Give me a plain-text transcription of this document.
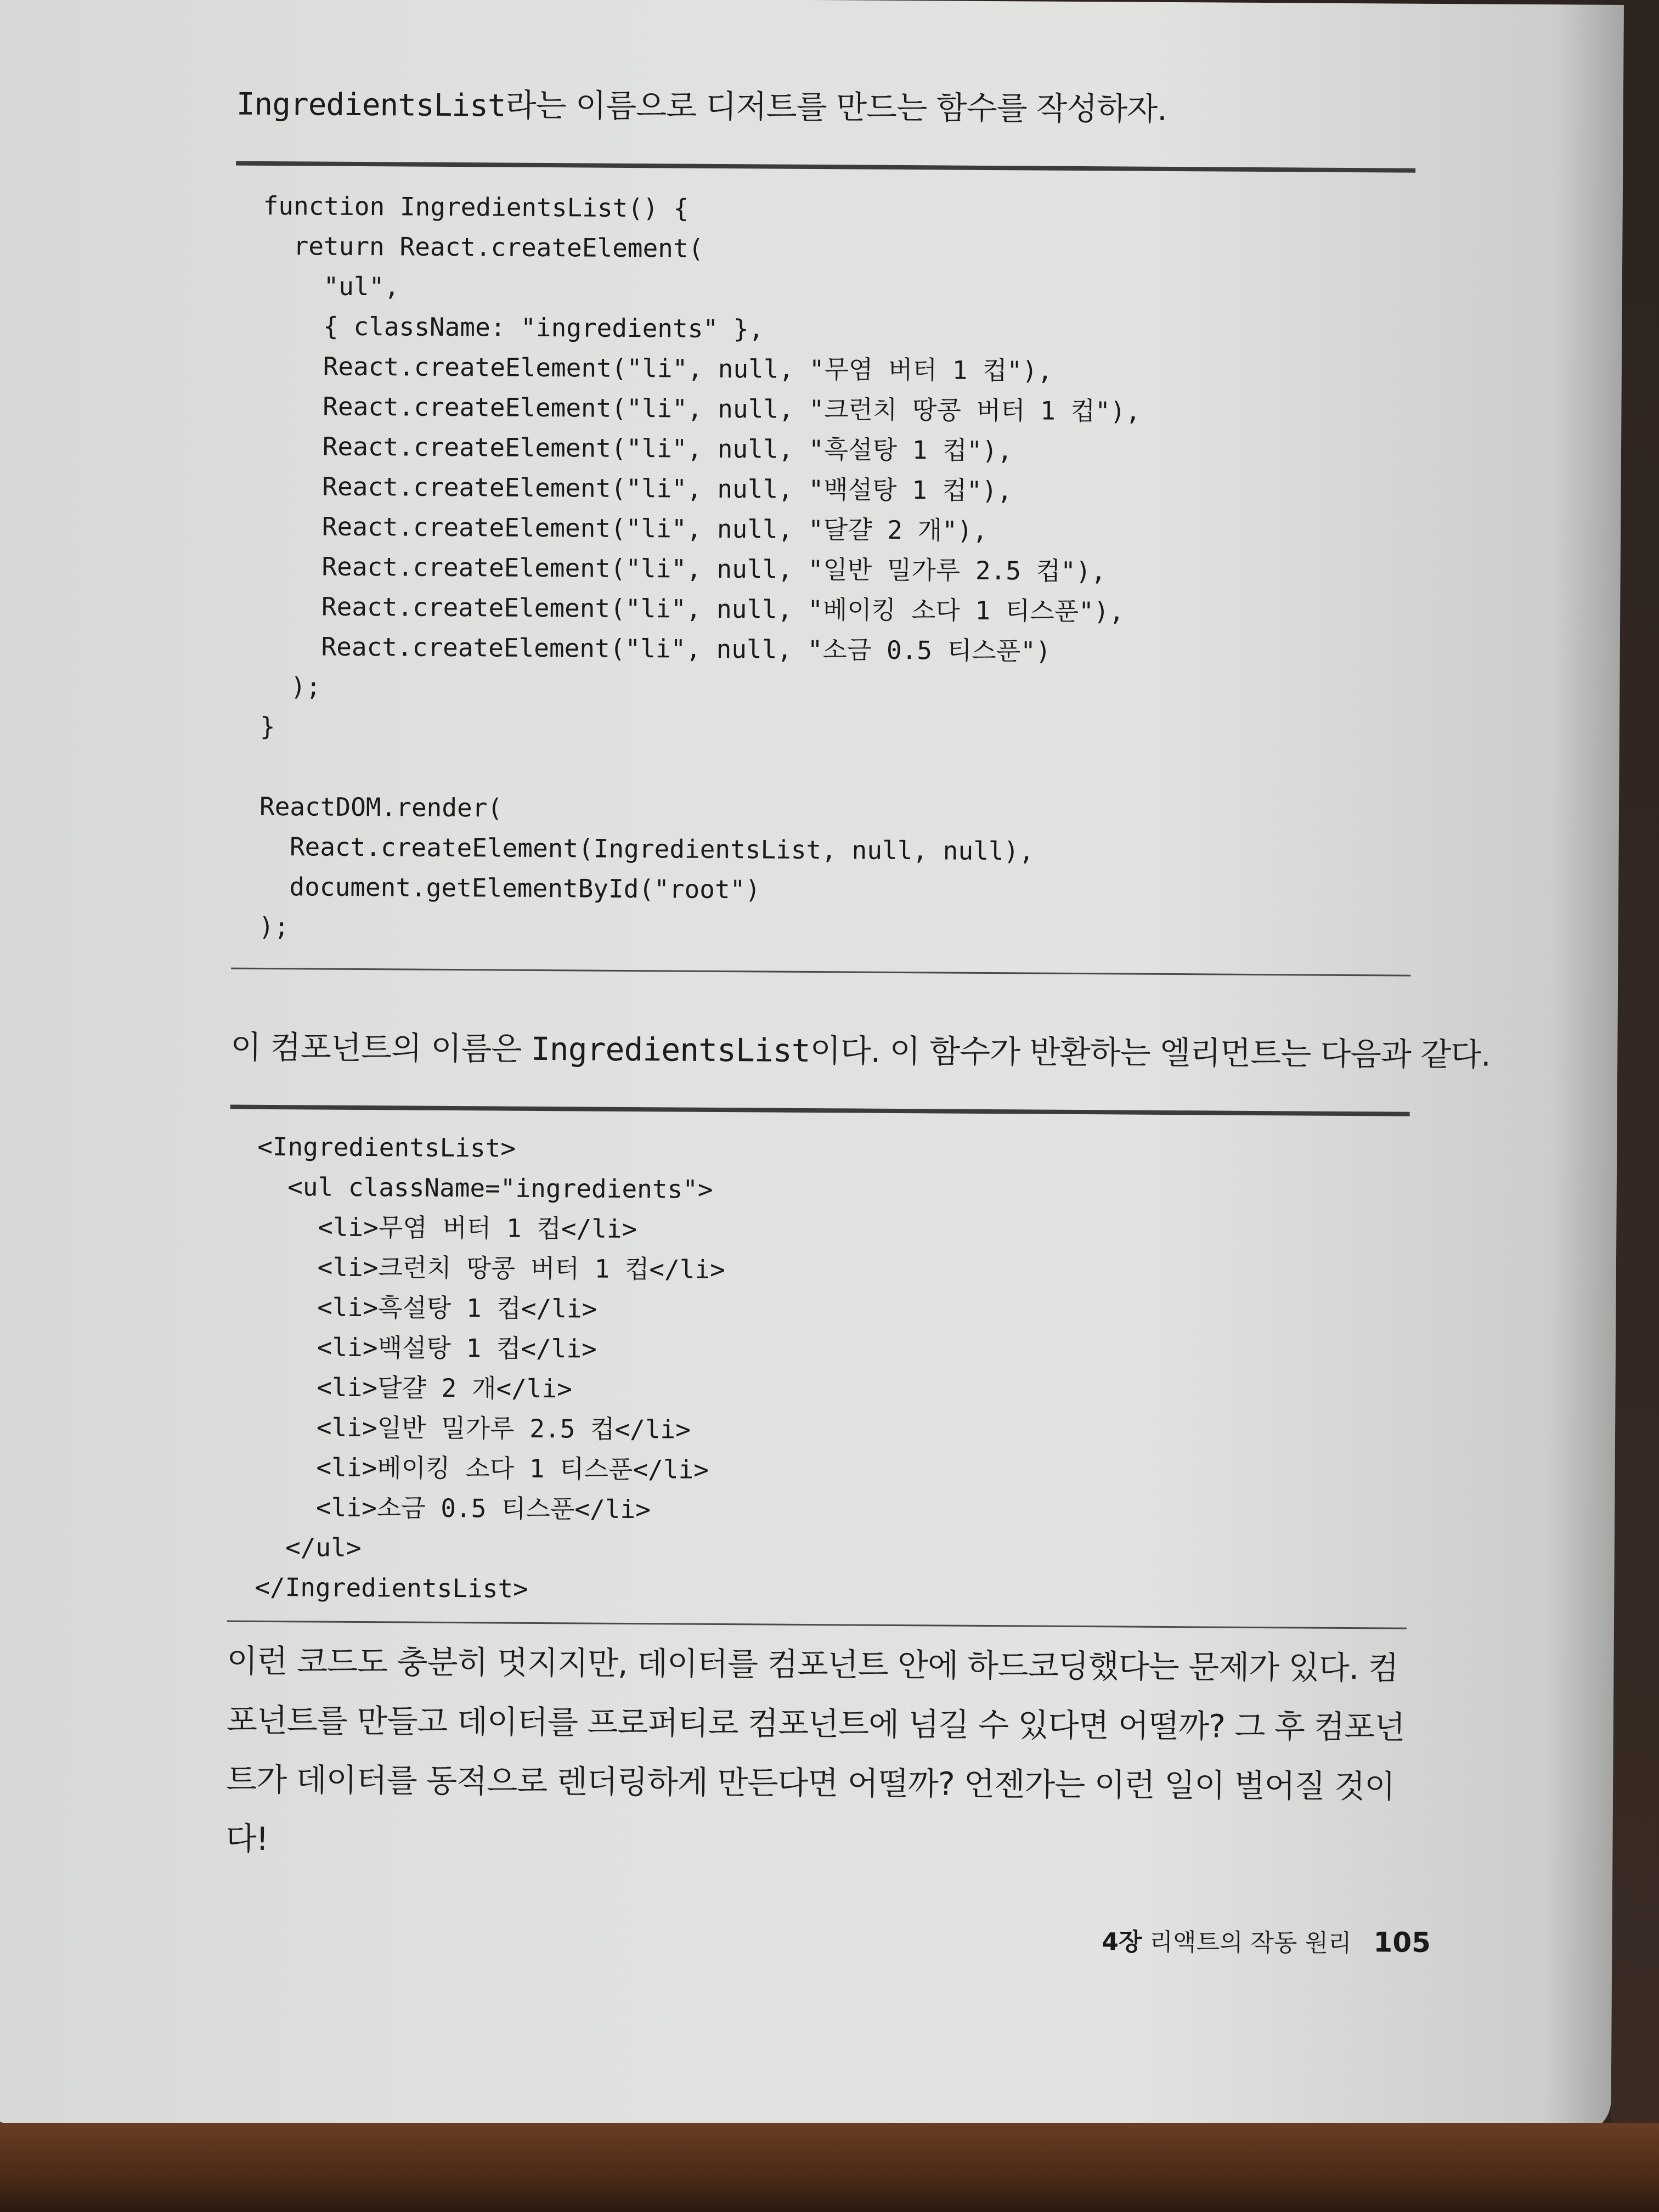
IngredientsList라는 이름으로 디저트를 만드는 함수를 작성하자.
function IngredientsList() {
return React.createElement(
"ul",
{ className: "ingredients" },
React.createElement("li", null, "무염 버터 1 컵"),
React.createElement("li", null, "크런치 땅콩 버터 1 컵"),
React.createElement("li", null, "흑설탕 1 컵"),
React.createElement("li", null, "백설탕 1 컵"),
React.createElement("li", null, "달걀 2 개"),
React.createElement("li", null, "일반 밀가루 2.5 컵"),
React.createElement("li", null, "베이킹 소다 1 티스푼"),
React.createElement("li", null, "소금 0.5 티스푼")
);
}
ReactDOM.render(
React.createElement(IngredientsList, null, null),
document.getElementById("root")
);
이 컴포넌트의 이름은 IngredientsList이다. 이 함수가 반환하는 엘리먼트는 다음과 같다.
<IngredientsList>
<ul className="ingredients">
<li>무염 버터 1 컵</li>
<li>크런치 땅콩 버터 1 컵</li>
<li>흑설탕 1 컵</li>
<li>백설탕 1 컵</li>
<li>달걀 2 개</li>
<li>일반 밀가루 2.5 컵</li>
<li>베이킹 소다 1 티스푼</li>
<li>소금 0.5 티스푼</li>
</ul>
</IngredientsList>
이런 코드도 충분히 멋지지만, 데이터를 컴포넌트 안에 하드코딩했다는 문제가 있다. 컴포넌트를 만들고 데이터를 프로퍼티로 컴포넌트에 넘길 수 있다면 어떨까? 그 후 컴포넌트가 데이터를 동적으로 렌더링하게 만든다면 어떨까? 언젠가는 이런 일이 벌어질 것이다!
4장 리액트의 작동 원리 105
